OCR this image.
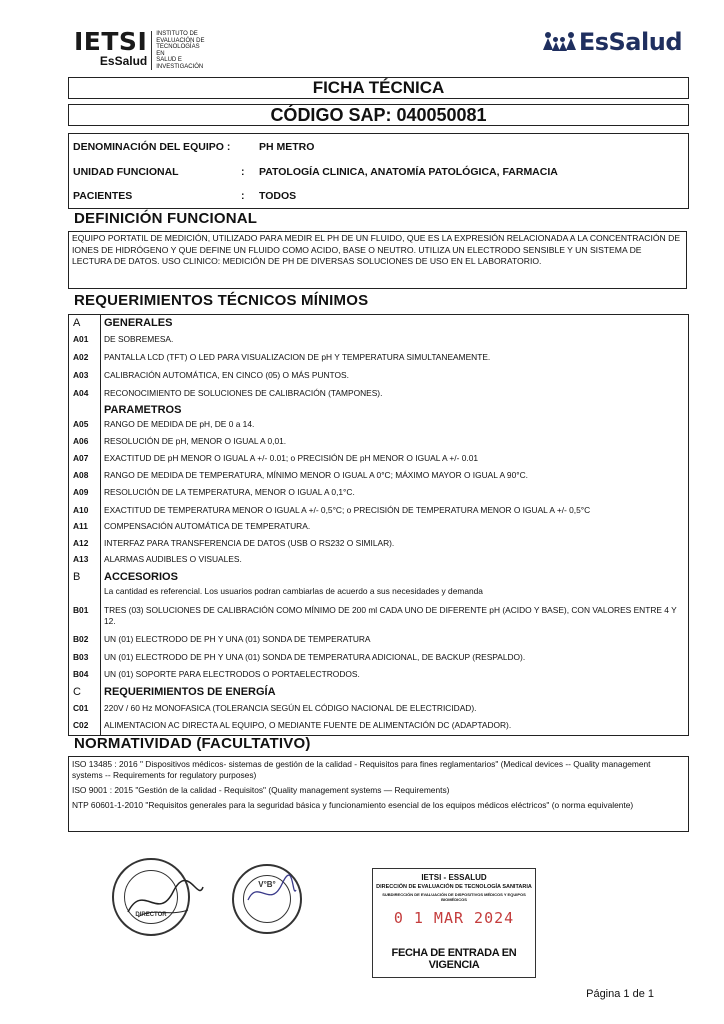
IETSI
EsSalud
INSTITUTO DE
EVALUACIÓN DE
TECNOLOGÍAS EN
SALUD E
INVESTIGACIÓN
EsSalud
FICHA TÉCNICA
CÓDIGO SAP: 040050081
DENOMINACIÓN DEL EQUIPO :	PH METRO
UNIDAD FUNCIONAL	: PATOLOGÍA CLINICA, ANATOMÍA PATOLÓGICA, FARMACIA
PACIENTES	: TODOS
DEFINICIÓN FUNCIONAL
EQUIPO PORTATIL DE MEDICIÓN, UTILIZADO PARA MEDIR EL PH DE UN FLUIDO, QUE ES LA EXPRESIÓN RELACIONADA A LA CONCENTRACIÓN DE IONES DE HIDRÓGENO Y QUE DEFINE UN FLUIDO COMO ACIDO, BASE O NEUTRO. UTILIZA UN ELECTRODO SENSIBLE Y UN SISTEMA DE LECTURA DE DATOS. USO CLINICO: MEDICIÓN DE PH DE DIVERSAS SOLUCIONES DE USO EN EL LABORATORIO.
REQUERIMIENTOS TÉCNICOS MÍNIMOS
A GENERALES
A01 DE SOBREMESA.
A02 PANTALLA LCD (TFT) O LED PARA VISUALIZACION DE pH Y TEMPERATURA SIMULTANEAMENTE.
A03 CALIBRACIÓN AUTOMÁTICA, EN CINCO (05) O MÁS PUNTOS.
A04 RECONOCIMIENTO DE SOLUCIONES DE CALIBRACIÓN (TAMPONES).
PARAMETROS
A05 RANGO DE MEDIDA DE pH, DE 0 a 14.
A06 RESOLUCIÓN DE pH, MENOR O IGUAL A 0,01.
A07 EXACTITUD DE pH MENOR O IGUAL A +/- 0.01; o PRECISIÓN DE pH MENOR O IGUAL A +/- 0.01
A08 RANGO DE MEDIDA DE TEMPERATURA, MÍNIMO MENOR O IGUAL A 0°C; MÁXIMO MAYOR O IGUAL A 90°C.
A09 RESOLUCIÓN DE LA TEMPERATURA, MENOR O IGUAL A 0,1°C.
A10 EXACTITUD DE TEMPERATURA MENOR O IGUAL A +/- 0,5°C; o PRECISIÓN DE TEMPERATURA MENOR O IGUAL A +/- 0,5°C
A11 COMPENSACIÓN AUTOMÁTICA DE TEMPERATURA.
A12 INTERFAZ PARA TRANSFERENCIA DE DATOS (USB O RS232 O SIMILAR).
A13 ALARMAS AUDIBLES O VISUALES.
B ACCESORIOS
La cantidad es referencial. Los usuarios podran cambiarlas de acuerdo a sus necesidades y demanda
B01 TRES (03) SOLUCIONES DE CALIBRACIÓN COMO MÍNIMO DE 200 ml CADA UNO DE DIFERENTE pH (ACIDO Y BASE), CON VALORES ENTRE 4 Y 12.
B02 UN (01) ELECTRODO DE PH Y UNA (01) SONDA DE TEMPERATURA
B03 UN (01) ELECTRODO DE PH Y UNA (01) SONDA DE TEMPERATURA ADICIONAL, DE BACKUP (RESPALDO).
B04 UN (01) SOPORTE PARA ELECTRODOS O PORTAELECTRODOS.
C REQUERIMIENTOS DE ENERGÍA
C01 220V / 60 Hz MONOFASICA (TOLERANCIA SEGÚN EL CÓDIGO NACIONAL DE ELECTRICIDAD).
C02 ALIMENTACION AC DIRECTA AL EQUIPO, O MEDIANTE FUENTE DE ALIMENTACIÓN DC (ADAPTADOR).
NORMATIVIDAD (FACULTATIVO)
ISO 13485 : 2016 " Dispositivos médicos- sistemas de gestión de la calidad - Requisitos para fines reglamentarios" (Medical devices -- Quality management systems -- Requirements for regulatory purposes)
ISO 9001 : 2015 "Gestión de la calidad - Requisitos" (Quality management systems — Requirements)
NTP 60601-1-2010 "Requisitos generales para la seguridad básica y funcionamiento esencial de los equipos médicos eléctricos" (o norma equivalente)
DIRECTOR
V°B°
IETSI - ESSALUD
DIRECCIÓN DE EVALUACIÓN DE TECNOLOGÍA SANITARIA
SUBDIRECCIÓN DE EVALUACIÓN DE DISPOSITIVOS MÉDICOS Y EQUIPOS BIOMÉDICOS
0 1 MAR 2024
FECHA DE ENTRADA EN VIGENCIA
Página 1 de 1
